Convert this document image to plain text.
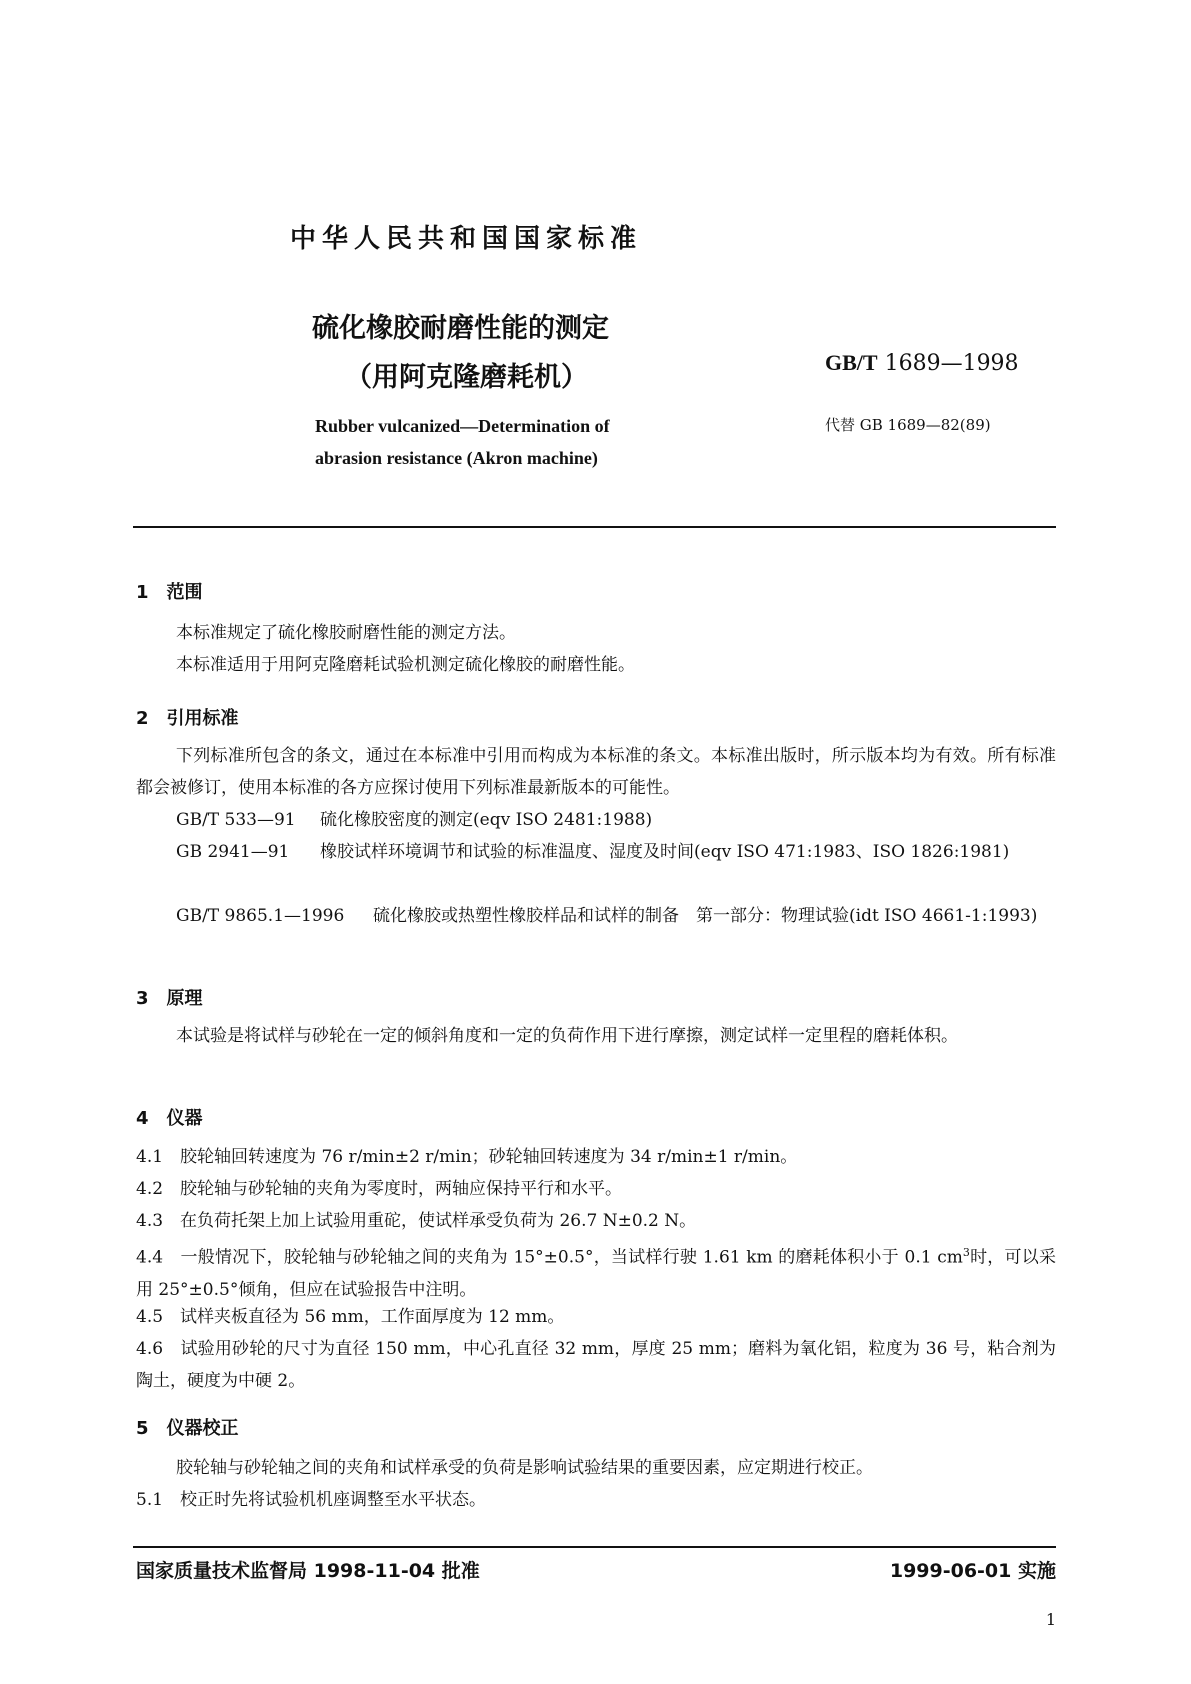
中华人民共和国国家标准
硫化橡胶耐磨性能的测定
（用阿克隆磨耗机）	GB/T 1689—1998
Rubber vulcanized—Determination of
abrasion resistance (Akron machine)
代替 GB 1689—82(89)
1　范围
本标准规定了硫化橡胶耐磨性能的测定方法。
本标准适用于用阿克隆磨耗试验机测定硫化橡胶的耐磨性能。
2　引用标准
下列标准所包含的条文，通过在本标准中引用而构成为本标准的条文。本标准出版时，所示版本均为有效。所有标准都会被修订，使用本标准的各方应探讨使用下列标准最新版本的可能性。
GB/T 533—91 硫化橡胶密度的测定(eqv ISO 2481:1988)
GB 2941—91 橡胶试样环境调节和试验的标准温度、湿度及时间(eqv ISO 471:1983、ISO 1826:1981)
GB/T 9865.1—1996 硫化橡胶或热塑性橡胶样品和试样的制备　第一部分：物理试验(idt ISO 4661-1:1993)
3　原理
本试验是将试样与砂轮在一定的倾斜角度和一定的负荷作用下进行摩擦，测定试样一定里程的磨耗体积。
4　仪器
4.1　 胶轮轴回转速度为 76 r/min±2 r/min；砂轮轴回转速度为 34 r/min±1 r/min。
4.2　 胶轮轴与砂轮轴的夹角为零度时，两轴应保持平行和水平。
4.3　 在负荷托架上加上试验用重砣，使试样承受负荷为 26.7 N±0.2 N。
4.4　 一般情况下，胶轮轴与砂轮轴之间的夹角为 15°±0.5°，当试样行驶 1.61 km 的磨耗体积小于 0.1 $cm^3$时，可以采用 25°±0.5°倾角，但应在试验报告中注明。
4.5　 试样夹板直径为 56 mm，工作面厚度为 12 mm。
4.6　 试验用砂轮的尺寸为直径 150 mm，中心孔直径 32 mm，厚度 25 mm；磨料为氧化铝，粒度为 36 号，粘合剂为陶土，硬度为中硬 2。
5　仪器校正
胶轮轴与砂轮轴之间的夹角和试样承受的负荷是影响试验结果的重要因素，应定期进行校正。
5.1　 校正时先将试验机机座调整至水平状态。
国家质量技术监督局 1998-11-04 批准	1999-06-01 实施
1
